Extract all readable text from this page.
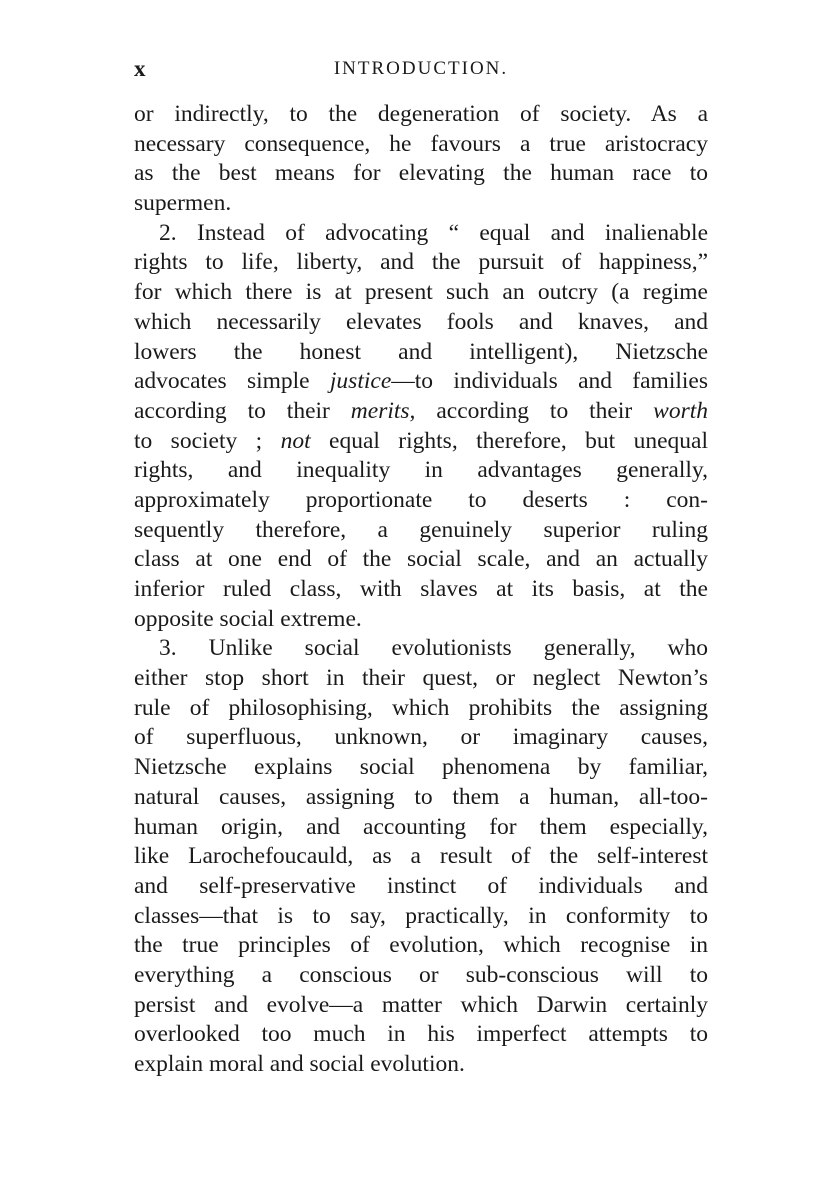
x	INTRODUCTION.
or indirectly, to the degeneration of society. As a
necessary consequence, he favours a true aristocracy
as the best means for elevating the human race to
supermen.
2. Instead of advocating “ equal and inalienable
rights to life, liberty, and the pursuit of happiness,”
for which there is at present such an outcry (a regime
which necessarily elevates fools and knaves, and
lowers the honest and intelligent), Nietzsche
advocates simple justice—to individuals and families
according to their merits, according to their worth
to society ; not equal rights, therefore, but unequal
rights, and inequality in advantages generally,
approximately proportionate to deserts : con-
sequently therefore, a genuinely superior ruling
class at one end of the social scale, and an actually
inferior ruled class, with slaves at its basis, at the
opposite social extreme.
3. Unlike social evolutionists generally, who
either stop short in their quest, or neglect Newton’s
rule of philosophising, which prohibits the assigning
of superfluous, unknown, or imaginary causes,
Nietzsche explains social phenomena by familiar,
natural causes, assigning to them a human, all-too-
human origin, and accounting for them especially,
like Larochefoucauld, as a result of the self-interest
and self-preservative instinct of individuals and
classes—that is to say, practically, in conformity to
the true principles of evolution, which recognise in
everything a conscious or sub-conscious will to
persist and evolve—a matter which Darwin certainly
overlooked too much in his imperfect attempts to
explain moral and social evolution.
